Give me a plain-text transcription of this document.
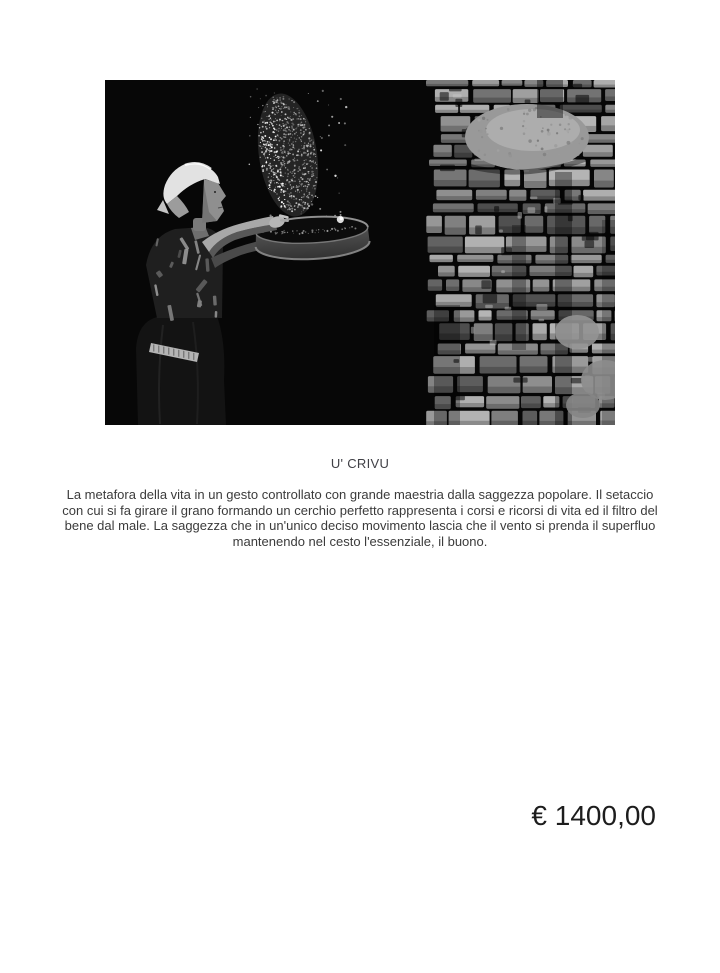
U' CRIVU

La metafora della vita in un gesto controllato con grande maestria dalla saggezza popolare. Il setaccio con cui si fa girare il grano formando un cerchio perfetto rappresenta i corsi e ricorsi di vita ed il filtro del bene dal male. La saggezza che in un'unico deciso movimento lascia che il vento si prenda il superfluo mantenendo nel cesto l'essenziale, il buono.

€ 1400,00
